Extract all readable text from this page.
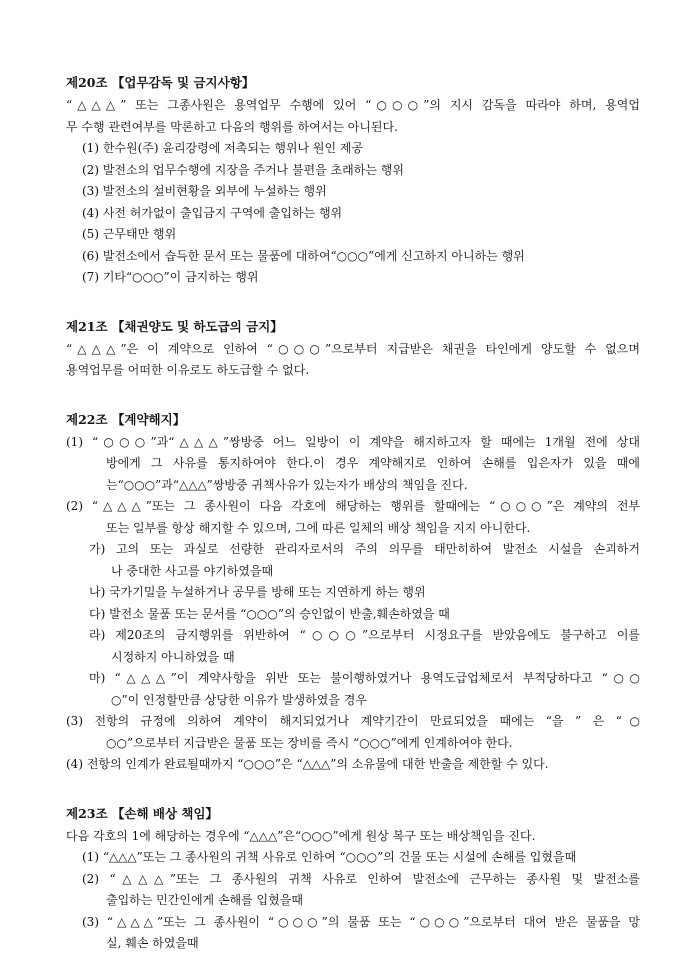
제20조 【업무감독 및 금지사항】
“△△△” 또는 그종사원은 용역업무 수행에 있어 “○○○”의 지시 감독을 따라야 하며, 용역업
무 수행 관련여부를 막론하고 다음의 행위를 하여서는 아니된다.
(1) 한수원(주) 윤리강령에 저촉되는 행위나 원인 제공
(2) 발전소의 업무수행에 지장을 주거나 불편을 초래하는 행위
(3) 발전소의 설비현황을 외부에 누설하는 행위
(4) 사전 허가없이 출입금지 구역에 출입하는 행위
(5) 근무태만 행위
(6) 발전소에서 습득한 문서 또는 물품에 대하여“○○○”에게 신고하지 아니하는 행위
(7) 기타“○○○”이 금지하는 행위
제21조 【채권양도 및 하도급의 금지】
“△△△”은 이 계약으로 인하여 “○○○”으로부터 지급받은 채권을 타인에게 양도할 수 없으며
용역업무를 어떠한 이유로도 하도급할 수 없다.
제22조 【계약해지】
(1) “○○○”과“△△△”쌍방중 어느 일방이 이 계약을 해지하고자 할 때에는 1개월 전에 상대
방에게 그 사유를 통지하여야 한다.이 경우 계약해지로 인하여 손해를 입은자가 있을 때에
는“○○○”과“△△△”쌍방중 귀책사유가 있는자가 배상의 책임을 진다.
(2) “△△△”또는 그 종사원이 다음 각호에 해당하는 행위를 할때에는 “○○○”은 계약의 전부
또는 일부를 항상 해지할 수 있으며, 그에 따른 일체의 배상 책임을 지지 아니한다.
가) 고의 또는 과실로 선량한 관리자로서의 주의 의무를 태만히하여 발전소 시설을 손괴하거
나 중대한 사고를 야기하였을때
나) 국가기밀을 누설하거나 공무를 방해 또는 지연하게 하는 행위
다) 발전소 물품 또는 문서를 “○○○”의 승인없이 반출,훼손하였을 때
라) 제20조의 금지행위를 위반하여 “○○○”으로부터 시정요구를 받았음에도 불구하고 이를
시정하지 아니하였을 때
마) “△△△”이 계약사항을 위반 또는 불이행하였거나 용역도급업체로서 부적당하다고 “○○
○”이 인정할만큼 상당한 이유가 발생하였을 경우
(3) 전항의 규정에 의하여 계약이 해지되었거나 계약기간이 만료되었을 때에는 “을 ” 은 “○
○○”으로부터 지급받은 물품 또는 장비를 즉시 “○○○”에게 인계하여야 한다.
(4) 전항의 인계가 완료될때까지 “○○○”은 “△△△”의 소유물에 대한 반출을 제한할 수 있다.
제23조 【손해 배상 책임】
다음 각호의 1에 해당하는 경우에 “△△△”은“○○○”에게 원상 복구 또는 배상책임을 진다.
(1) “△△△”또는 그 종사원의 귀책 사유로 인하여 “○○○”의 건물 또는 시설에 손해를 입혔을때
(2) “△△△”또는 그 종사원의 귀책 사유로 인하여 발전소에 근무하는 종사원 및 발전소를
출입하는 민간인에게 손해를 입혔을때
(3) “△△△”또는 그 종사원이 “○○○”의 물품 또는 “○○○”으로부터 대여 받은 물품을 망
실, 훼손 하였을때
